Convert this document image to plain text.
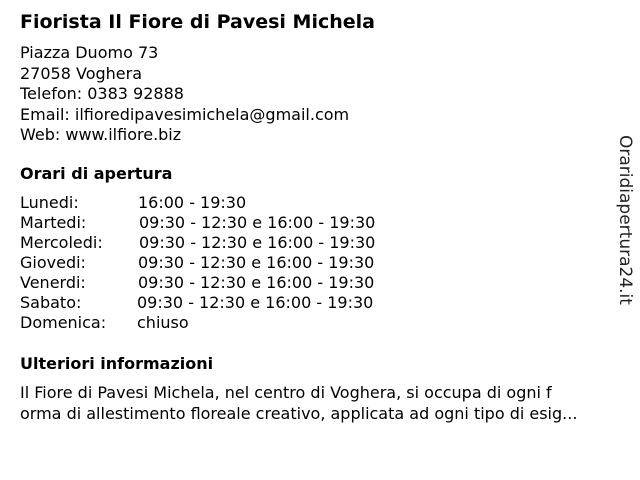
Fiorista Il Fiore di Pavesi Michela
Piazza Duomo 73
27058 Voghera
Telefon: 0383 92888
Email: ilfioredipavesimichela@gmail.com
Web: www.ilfiore.biz
Orari di apertura
Lunedi:	16:00 - 19:30
Martedi:	09:30 - 12:30 e 16:00 - 19:30
Mercoledi: 09:30 - 12:30 e 16:00 - 19:30
Giovedi:	09:30 - 12:30 e 16:00 - 19:30
Venerdi:	09:30 - 12:30 e 16:00 - 19:30
Sabato:	09:30 - 12:30 e 16:00 - 19:30
Domenica: chiuso
Ulteriori informazioni
Il Fiore di Pavesi Michela, nel centro di Voghera, si occupa di ogni f
orma di allestimento floreale creativo, applicata ad ogni tipo di esig...
Oraridiapertura24.it
